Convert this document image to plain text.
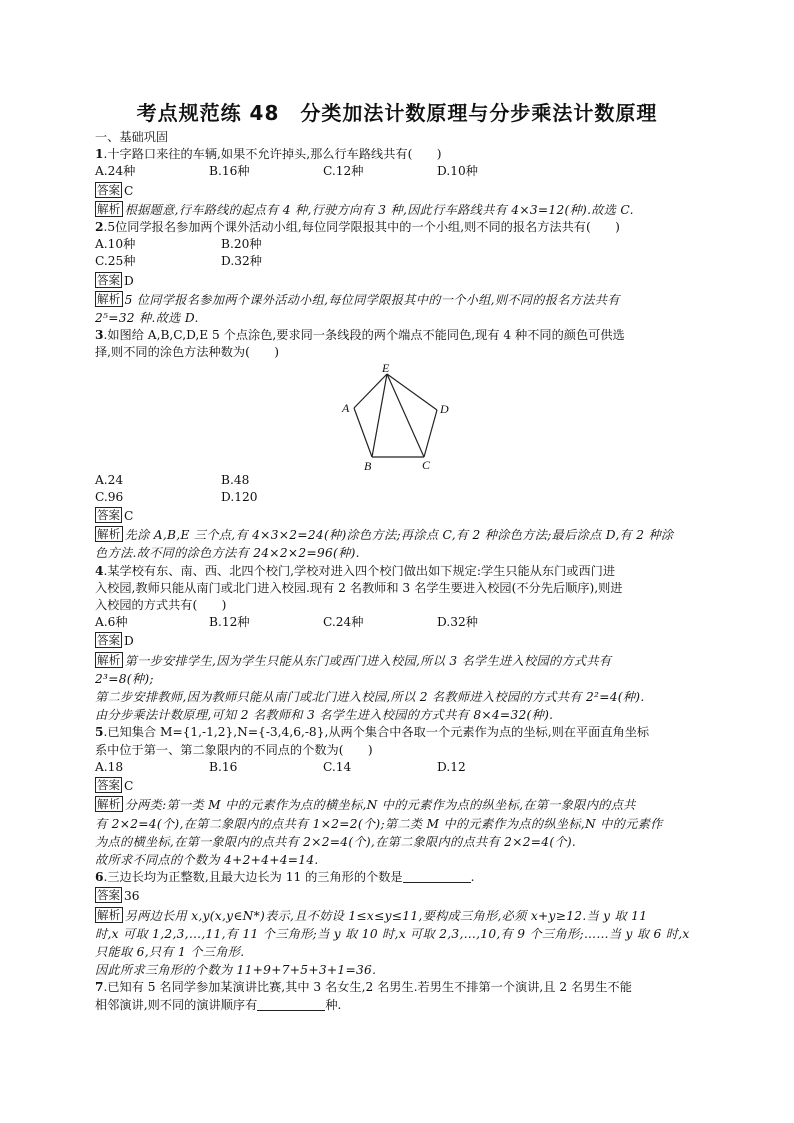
考点规范练 48　分类加法计数原理与分步乘法计数原理

一、基础巩固

1.十字路口来往的车辆,如果不允许掉头,那么行车路线共有(　　)

A.24种	B.16种	C.12种	D.10种

答案 C

解析 根据题意,行车路线的起点有 4 种,行驶方向有 3 种,因此行车路线共有 4×3=12(种).故选 C.

2.5位同学报名参加两个课外活动小组,每位同学限报其中的一个小组,则不同的报名方法共有(　　)

A.10种	B.20种
C.25种	D.32种

答案 D

解析 5 位同学报名参加两个课外活动小组,每位同学限报其中的一个小组,则不同的报名方法共有

2⁵=32 种.故选 D.

3.如图给 A,B,C,D,E 5 个点涂色,要求同一条线段的两个端点不能同色,现有 4 种不同的颜色可供选

择,则不同的涂色方法种数为(　　)

E
A	D
B	C
A.24	B.48
C.96	D.120

答案 C

解析 先涂 A,B,E 三个点,有 4×3×2=24(种)涂色方法;再涂点 C,有 2 种涂色方法;最后涂点 D,有 2 种涂

色方法.故不同的涂色方法有 24×2×2=96(种).

4.某学校有东、南、西、北四个校门,学校对进入四个校门做出如下规定:学生只能从东门或西门进

入校园,教师只能从南门或北门进入校园.现有 2 名教师和 3 名学生要进入校园(不分先后顺序),则进

入校园的方式共有(　　)

A.6种	B.12种	C.24种	D.32种

答案 D

解析 第一步安排学生,因为学生只能从东门或西门进入校园,所以 3 名学生进入校园的方式共有

2³=8(种);

第二步安排教师,因为教师只能从南门或北门进入校园,所以 2 名教师进入校园的方式共有 2²=4(种).

由分步乘法计数原理,可知 2 名教师和 3 名学生进入校园的方式共有 8×4=32(种).

5.已知集合 M={1,-1,2},N={-3,4,6,-8},从两个集合中各取一个元素作为点的坐标,则在平面直角坐标

系中位于第一、第二象限内的不同点的个数为(　　)

A.18	B.16	C.14	D.12

答案 C

解析 分两类:第一类 M 中的元素作为点的横坐标,N 中的元素作为点的纵坐标,在第一象限内的点共

有 2×2=4(个),在第二象限内的点共有 1×2=2(个);第二类 M 中的元素作为点的纵坐标,N 中的元素作

为点的横坐标,在第一象限内的点共有 2×2=4(个),在第二象限内的点共有 2×2=4(个).

故所求不同点的个数为 4+2+4+4=14.

6.三边长均为正整数,且最大边长为 11 的三角形的个数是	.

答案 36

解析 另两边长用 x,y(x,y∈N*)表示,且不妨设 1≤x≤y≤11,要构成三角形,必须 x+y≥12.当 y 取 11

时,x 可取 1,2,3,…,11,有 11 个三角形;当 y 取 10 时,x 可取 2,3,…,10,有 9 个三角形;……当 y 取 6 时,x

只能取 6,只有 1 个三角形.

因此所求三角形的个数为 11+9+7+5+3+1=36.

7.已知有 5 名同学参加某演讲比赛,其中 3 名女生,2 名男生.若男生不排第一个演讲,且 2 名男生不能

相邻演讲,则不同的演讲顺序有	种.
